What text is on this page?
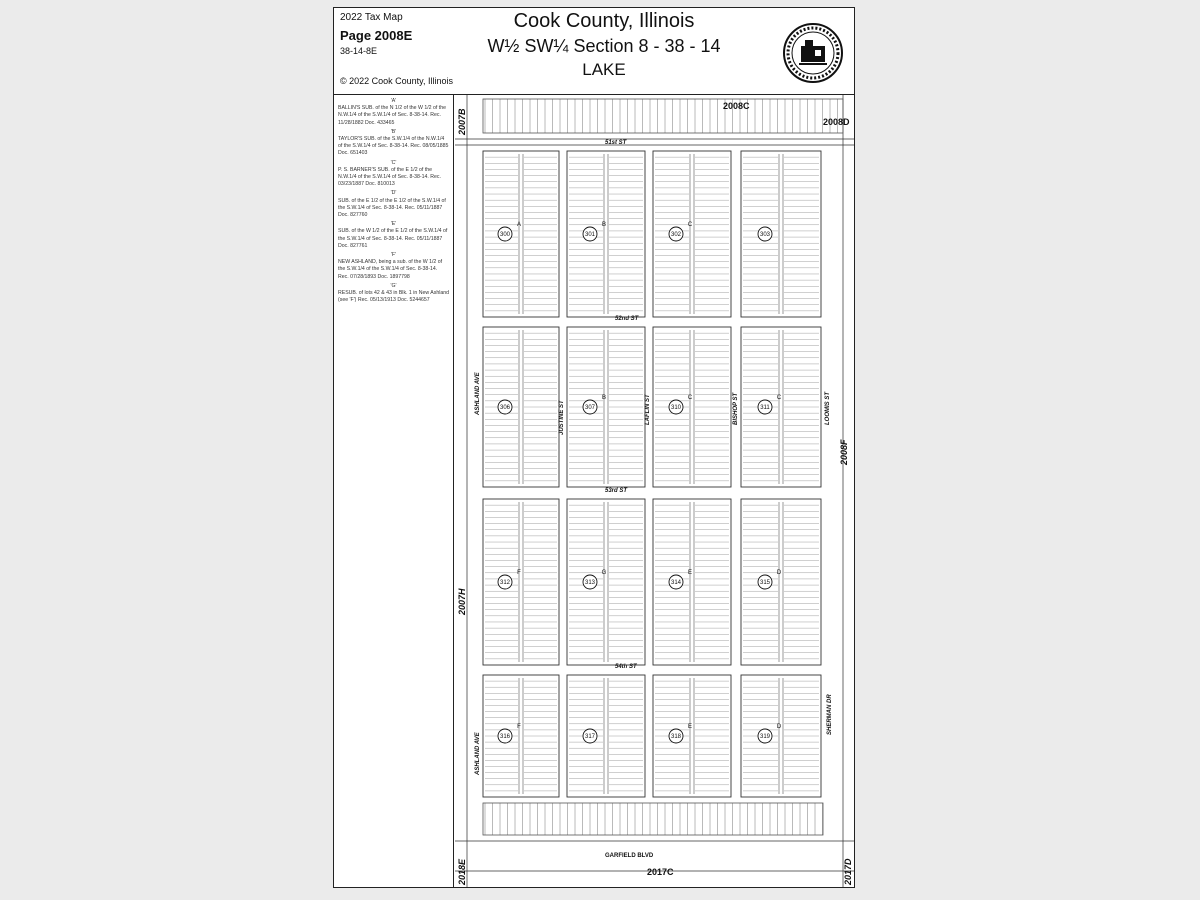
2022 Tax Map
Page 2008E
38-14-8E
© 2022 Cook County, Illinois
Cook County, Illinois
W½ SW¼ Section 8 - 38 - 14
LAKE
'A'
BALLIN'S SUB. of the N 1/2 of the W 1/2 of the N.W.1/4 of the S.W.1/4 of Sec. 8-38-14. Rec. 11/28/1882 Doc. 433465
'B'
TAYLOR'S SUB. of the S.W.1/4 of the N.W.1/4 of the S.W.1/4 of Sec. 8-38-14. Rec. 08/05/1885 Doc. 651403
'C'
P. S. BARNER'S SUB. of the E 1/2 of the N.W.1/4 of the S.W.1/4 of Sec. 8-38-14. Rec. 03/23/1887 Doc. 810013
'D'
SUB. of the E 1/2 of the E 1/2 of the S.W.1/4 of the S.W.1/4 of Sec. 8-38-14. Rec. 05/11/1887 Doc. 827760
'E'
SUB. of the W 1/2 of the E 1/2 of the S.W.1/4 of the S.W.1/4 of Sec. 8-38-14. Rec. 05/11/1887 Doc. 827761
'F'
NEW ASHLAND, being a sub. of the W 1/2 of the S.W.1/4 of the S.W.1/4 of Sec. 8-38-14. Rec. 07/28/1893 Doc. 1897798
'G'
RESUB. of lots 42 & 43 in Blk. 1 in New Ashland (see 'F') Rec. 05/13/1913 Doc. 5244657
51st ST
52nd ST
53rd ST
54th ST
300
A
301
B
302
C
303
306	307
B
310
C
311
C
312
F
313
G
314
E
315
D
316
F
317	318
E
319
D
GARFIELD BLVD
ASHLAND AVE
JUSTINE ST	LAFLIN ST	BISHOP ST	LOOMIS ST
ASHLAND AVE
SHERMAN DR
2007B
2008C
2008D
2008F
2007H
2018E	2017C	2017D
